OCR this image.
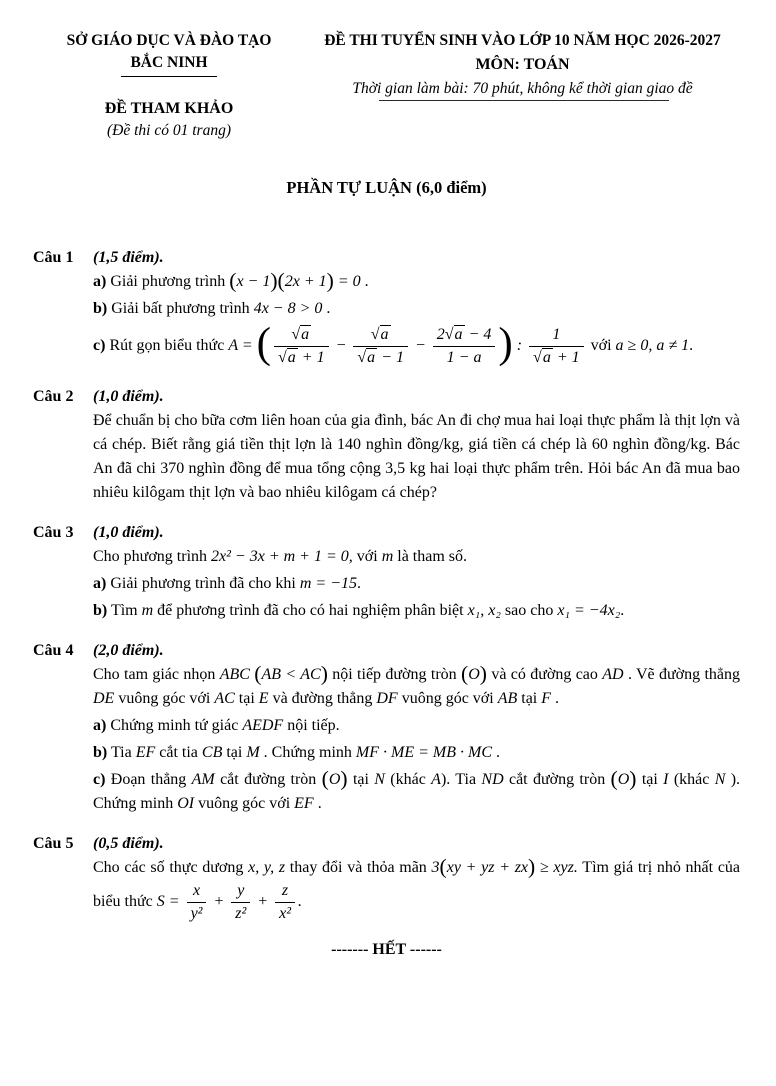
SỞ GIÁO DỤC VÀ ĐÀO TẠO
BẮC NINH
ĐỀ THAM KHẢO
(Đề thi có 01 trang)
ĐỀ THI TUYỂN SINH VÀO LỚP 10 NĂM HỌC 2026-2027
MÔN: TOÁN
Thời gian làm bài: 70 phút, không kể thời gian giao đề
PHẦN TỰ LUẬN (6,0 điểm)
Câu 1	(1,5 điểm).
a) Giải phương trình (x − 1)(2x + 1) = 0 .
b) Giải bất phương trình 4x − 8 > 0 .
c) Rút gọn biểu thức A = ( $\frac{√a}{√a + 1} - \frac{√a}{√a - 1} - \frac{2√a - 4}{1 - a}$ ) : $\frac{1}{√a + 1}$ với a ≥ 0, a ≠ 1.
Câu 2	(1,0 điểm).
Để chuẩn bị cho bữa cơm liên hoan của gia đình, bác An đi chợ mua hai loại thực phẩm là thịt lợn và cá chép. Biết rằng giá tiền thịt lợn là 140 nghìn đồng/kg, giá tiền cá chép là 60 nghìn đồng/kg. Bác An đã chi 370 nghìn đồng để mua tổng cộng 3,5 kg hai loại thực phẩm trên. Hỏi bác An đã mua bao nhiêu kilôgam thịt lợn và bao nhiêu kilôgam cá chép?
Câu 3	(1,0 điểm).
Cho phương trình 2x² − 3x + m + 1 = 0, với m là tham số.
a) Giải phương trình đã cho khi m = −15.
b) Tìm m để phương trình đã cho có hai nghiệm phân biệt x₁, x₂ sao cho x₁ = −4x₂.
Câu 4	(2,0 điểm).
Cho tam giác nhọn ABC (AB < AC) nội tiếp đường tròn (O) và có đường cao AD . Vẽ đường thẳng DE vuông góc với AC tại E và đường thẳng DF vuông góc với AB tại F .
a) Chứng minh tứ giác AEDF nội tiếp.
b) Tia EF cắt tia CB tại M . Chứng minh MF · ME = MB · MC .
c) Đoạn thẳng AM cắt đường tròn (O) tại N (khác A). Tia ND cắt đường tròn (O) tại I (khác N ). Chứng minh OI vuông góc với EF .
Câu 5	(0,5 điểm).
Cho các số thực dương x, y, z thay đổi và thỏa mãn 3(xy + yz + zx) ≥ xyz. Tìm giá trị nhỏ nhất của biểu thức $S = \frac{x}{\text{y²}} + \frac{y}{\text{z²}} + \frac{z}{\text{x²}}$ .
------- HẾT ------
